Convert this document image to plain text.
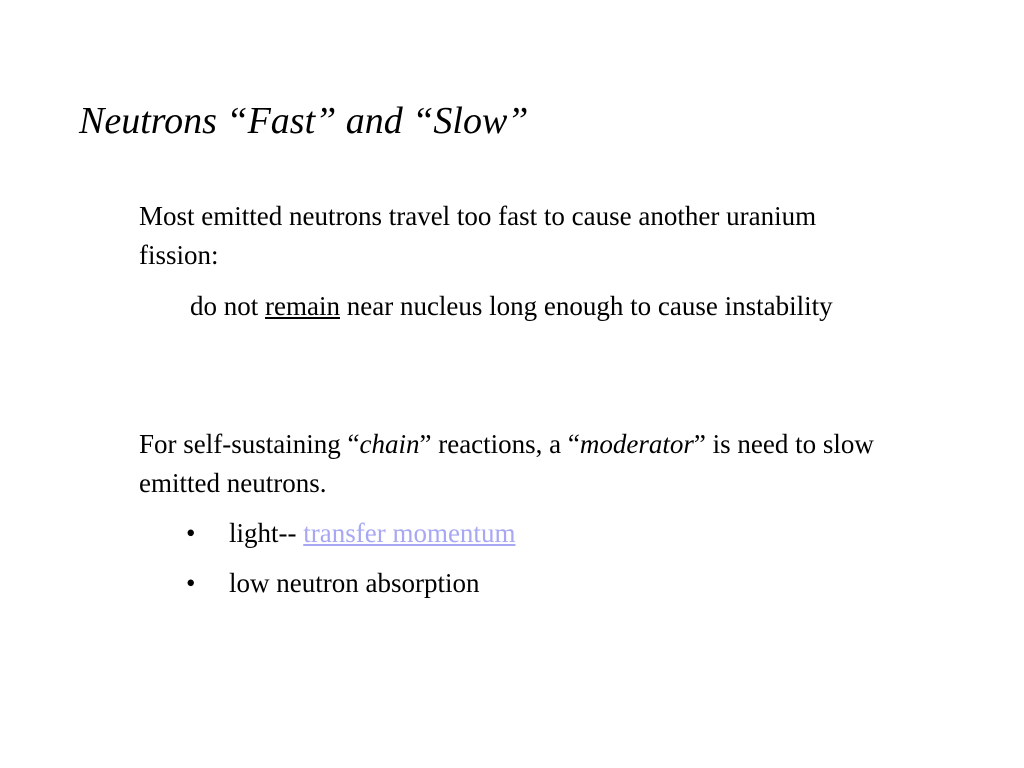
Neutrons “Fast” and “Slow”

Most emitted neutrons travel too fast to cause another uranium fission:

do not remain near nucleus long enough to cause instability

For self-sustaining “chain” reactions, a “moderator” is need to slow emitted neutrons.

• light-- transfer momentum
• low neutron absorption
